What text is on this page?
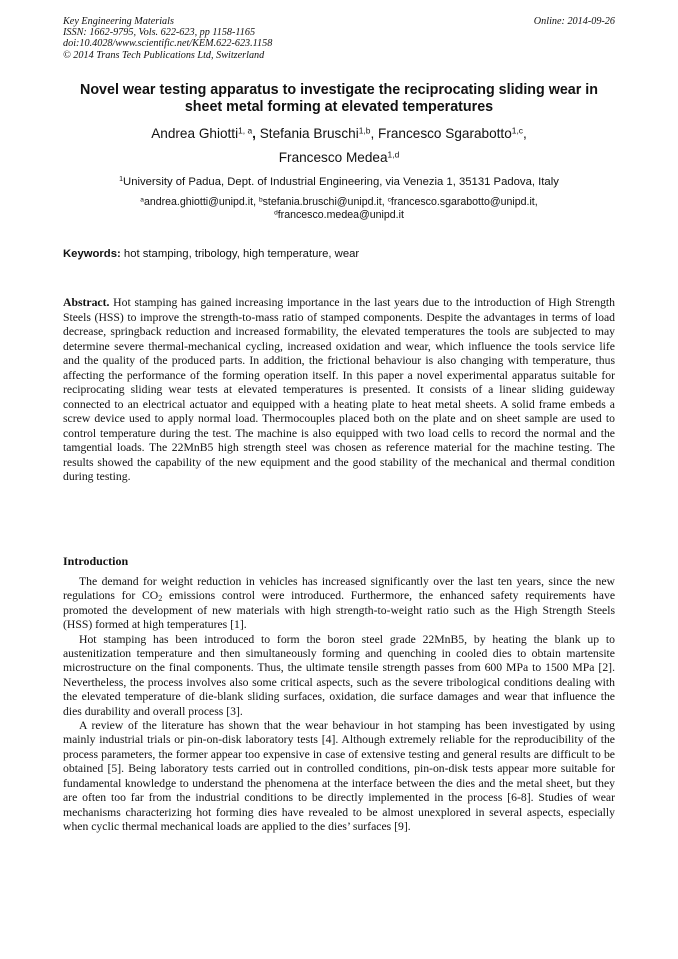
Key Engineering Materials
ISSN: 1662-9795, Vols. 622-623, pp 1158-1165
doi:10.4028/www.scientific.net/KEM.622-623.1158
© 2014 Trans Tech Publications Ltd, Switzerland
Online: 2014-09-26
Novel wear testing apparatus to investigate the reciprocating sliding wear in sheet metal forming at elevated temperatures
Andrea Ghiotti$^{1, a}$, Stefania Bruschi$^{1,b}$, Francesco Sgarabotto$^{1,c}$,
Francesco Medea$^{1,d}$
$^1$University of Padua, Dept. of Industrial Engineering, via Venezia 1, 35131 Padova, Italy
$^a$andrea.ghiotti@unipd.it, $^b$stefania.bruschi@unipd.it, $^c$francesco.sgarabotto@unipd.it,
$^d$francesco.medea@unipd.it
Keywords: hot stamping, tribology, high temperature, wear
Abstract. Hot stamping has gained increasing importance in the last years due to the introduction of High Strength Steels (HSS) to improve the strength-to-mass ratio of stamped components. Despite the advantages in terms of load decrease, springback reduction and increased formability, the elevated temperatures the tools are subjected to may determine severe thermal-mechanical cycling, increased oxidation and wear, which influence the tools service life and the quality of the produced parts. In addition, the frictional behaviour is also changing with temperature, thus affecting the performance of the forming operation itself. In this paper a novel experimental apparatus suitable for reciprocating sliding wear tests at elevated temperatures is presented. It consists of a linear sliding guideway connected to an electrical actuator and equipped with a heating plate to heat metal sheets. A solid frame embeds a screw device used to apply normal load. Thermocouples placed both on the plate and on sheet sample are used to control temperature during the test. The machine is also equipped with two load cells to record the normal and the tamgential loads. The 22MnB5 high strength steel was chosen as reference material for the machine testing. The results showed the capability of the new equipment and the good stability of the mechanical and thermal condition during testing.
Introduction

The demand for weight reduction in vehicles has increased significantly over the last ten years, since the new regulations for $CO_2$ emissions control were introduced. Furthermore, the enhanced safety requirements have promoted the development of new materials with high strength-to-weight ratio such as the High Strength Steels (HSS) formed at high temperatures [1].

Hot stamping has been introduced to form the boron steel grade 22MnB5, by heating the blank up to austenitization temperature and then simultaneously forming and quenching in cooled dies to obtain martensite microstructure on the final components. Thus, the ultimate tensile strength passes from 600 MPa to 1500 MPa [2]. Nevertheless, the process involves also some critical aspects, such as the severe tribological conditions dealing with the elevated temperature of die-blank sliding surfaces, oxidation, die surface damages and wear that influence the dies durability and overall process [3].

A review of the literature has shown that the wear behaviour in hot stamping has been investigated by using mainly industrial trials or pin-on-disk laboratory tests [4]. Although extremely reliable for the reproducibility of the process parameters, the former appear too expensive in case of extensive testing and general results are difficult to be obtained [5]. Being laboratory tests carried out in controlled conditions, pin-on-disk tests appear more suitable for fundamental knowledge to understand the phenomena at the interface between the dies and the metal sheet, but they are often too far from the industrial conditions to be directly implemented in the process [6-8]. Studies of wear mechanisms characterizing hot forming dies have revealed to be almost unexplored in several aspects, especially when cyclic thermal mechanical loads are applied to the dies’ surfaces [9].
